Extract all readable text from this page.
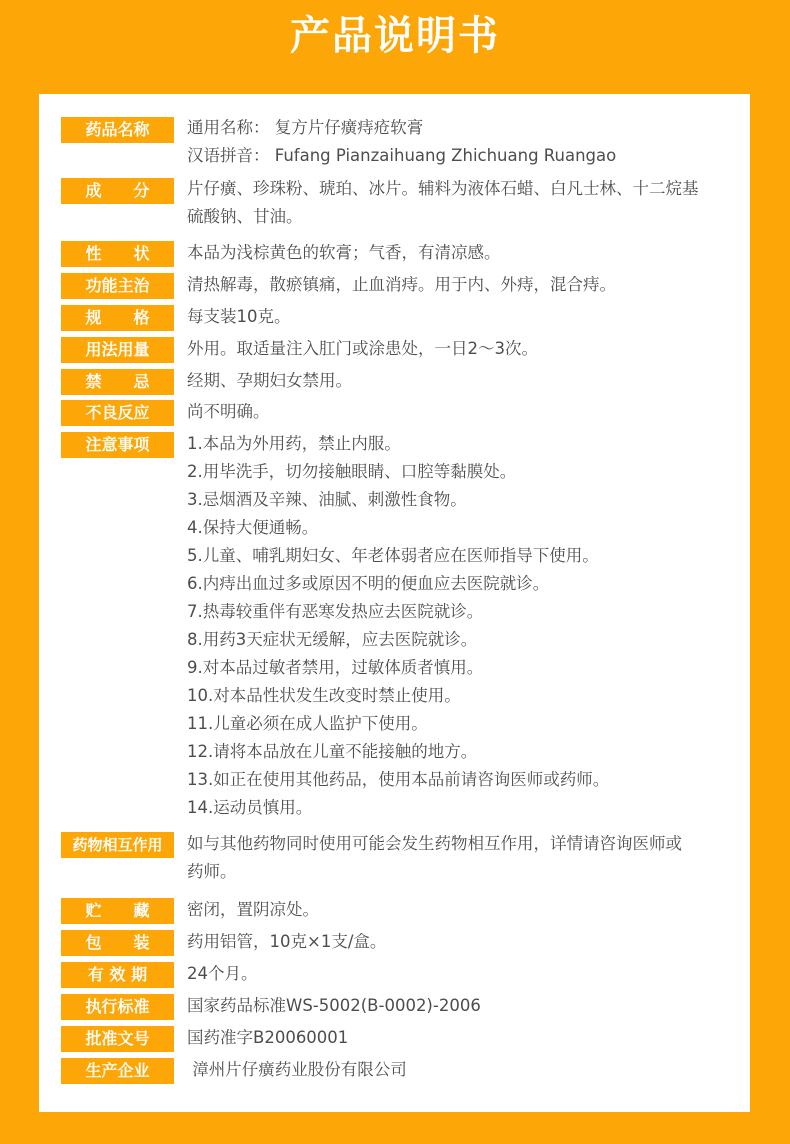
产品说明书
药品名称	通用名称： 复方片仔癀痔疮软膏
汉语拼音： Fufang Pianzaihuang Zhichuang Ruangao
成　　分	片仔癀、珍珠粉、琥珀、冰片。辅料为液体石蜡、白凡士林、十二烷基
硫酸钠、甘油。
性　　状	本品为浅棕黄色的软膏；气香，有清凉感。
功能主治	清热解毒，散瘀镇痛，止血消痔。用于内、外痔，混合痔。
规　　格	每支装10克。
用法用量	外用。取适量注入肛门或涂患处，一日2～3次。
禁　　忌	经期、孕期妇女禁用。
不良反应	尚不明确。
注意事项	1.本品为外用药，禁止内服。
2.用毕洗手，切勿接触眼睛、口腔等黏膜处。
3.忌烟酒及辛辣、油腻、刺激性食物。
4.保持大便通畅。
5.儿童、哺乳期妇女、年老体弱者应在医师指导下使用。
6.内痔出血过多或原因不明的便血应去医院就诊。
7.热毒较重伴有恶寒发热应去医院就诊。
8.用药3天症状无缓解，应去医院就诊。
9.对本品过敏者禁用，过敏体质者慎用。
10.对本品性状发生改变时禁止使用。
11.儿童必须在成人监护下使用。
12.请将本品放在儿童不能接触的地方。
13.如正在使用其他药品，使用本品前请咨询医师或药师。
14.运动员慎用。
药物相互作用	如与其他药物同时使用可能会发生药物相互作用，详情请咨询医师或
药师。
贮　　藏	密闭，置阴凉处。
包　　装	药用铝管，10克×1支/盒。
有 效 期	24个月。
执行标准	国家药品标准WS-5002(B-0002)-2006
批准文号	国药准字B20060001
生产企业	漳州片仔癀药业股份有限公司
